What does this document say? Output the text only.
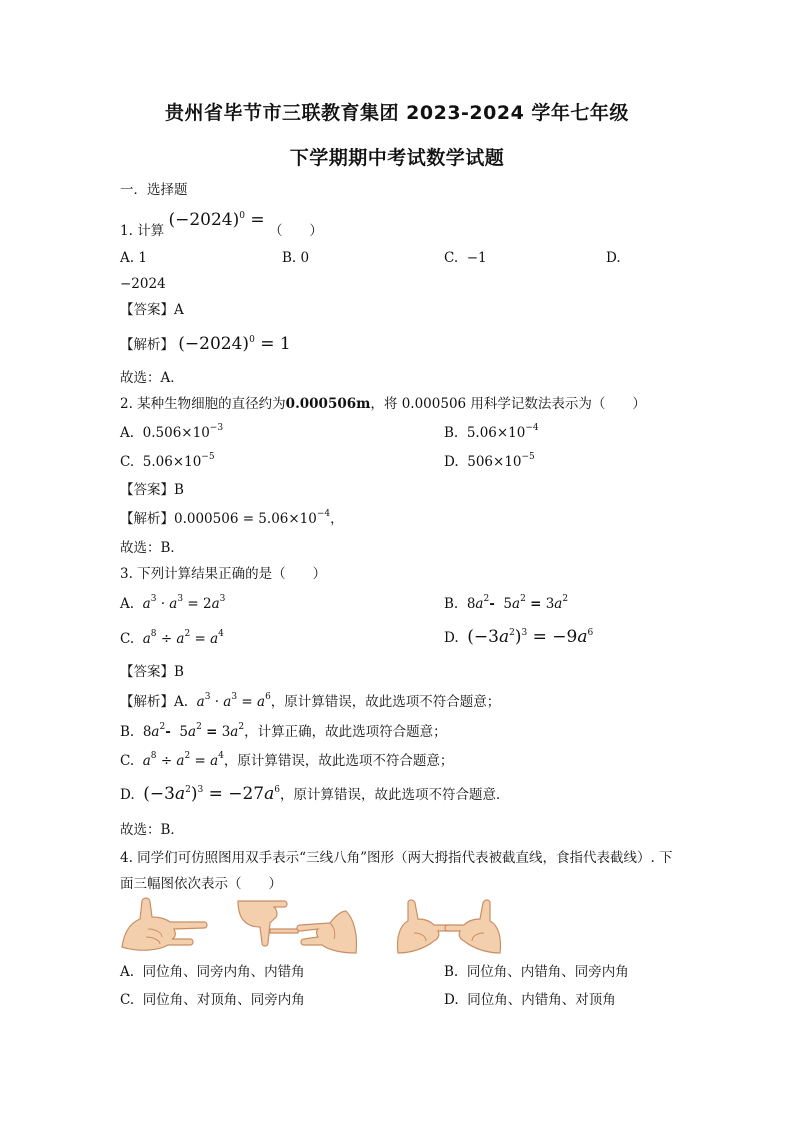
贵州省毕节市三联教育集团 2023-2024 学年七年级
下学期期中考试数学试题
一．选择题
1. 计算 $(-2024)^0$ = （　　）
A. 1	B. 0	C. −1	D.
−2024
【答案】A
【解析】 $(-2024)^0 = 1$
故选：A．
2. 某种生物细胞的直径约为0.000506m，将 0.000506 用科学记数法表示为（　　）
A. $0.506\times 10^{-3}$	B. $5.06\times 10^{-4}$
C. $5.06\times 10^{-5}$	D. $506\times 10^{-5}$
【答案】B
【解析】$0.000506 = 5.06\times 10^{-4}$，
故选：B．
3. 下列计算结果正确的是（　　）
A. $a^3 \cdot a^3 = 2a^3$	B. $8a^2-$ $5a^2 = 3a^2$
C. $a^8 \div a^2 = a^4$	D. $(-3a^2)^3 = -9a^6$
【答案】B
【解析】A. $a^3 \cdot a^3 = a^6$，原计算错误，故此选项不符合题意；
B. $8a^2-$ $5a^2 = 3a^2$，计算正确，故此选项符合题意；
C. $a^8 \div a^2 = a^4$，原计算错误，故此选项不符合题意；
D. $(-3a^2)^3 = -27a^6$，原计算错误，故此选项不符合题意．
故选：B．
4. 同学们可仿照图用双手表示“三线八角”图形（两大拇指代表被截直线，食指代表截线）. 下
面三幅图依次表示（　　）
A. 同位角、同旁内角、内错角	B. 同位角、内错角、同旁内角
C. 同位角、对顶角、同旁内角	D. 同位角、内错角、对顶角
